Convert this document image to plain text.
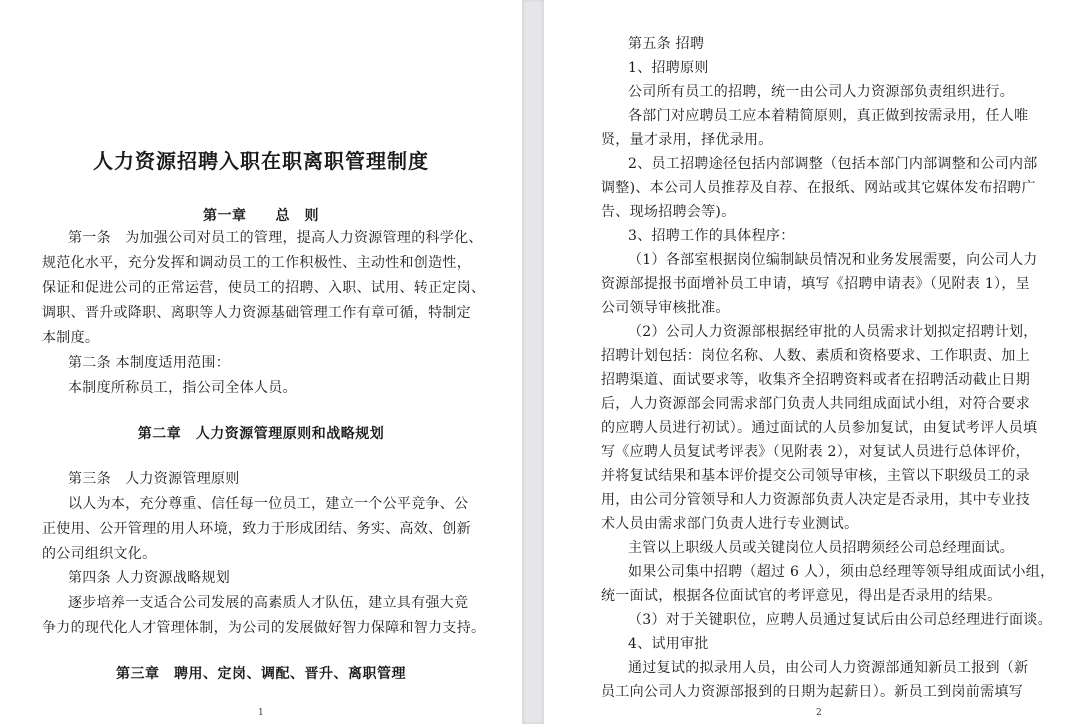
人力资源招聘入职在职离职管理制度
第一章　　总　则
第一条　为加强公司对员工的管理，提高人力资源管理的科学化、
规范化水平，充分发挥和调动员工的工作积极性、主动性和创造性，
保证和促进公司的正常运营，使员工的招聘、入职、试用、转正定岗、
调职、晋升或降职、离职等人力资源基础管理工作有章可循，特制定
本制度。
第二条 本制度适用范围：
本制度所称员工，指公司全体人员。
第二章　人力资源管理原则和战略规划
第三条　人力资源管理原则
以人为本，充分尊重、信任每一位员工，建立一个公平竞争、公
正使用、公开管理的用人环境，致力于形成团结、务实、高效、创新
的公司组织文化。
第四条 人力资源战略规划
逐步培养一支适合公司发展的高素质人才队伍，建立具有强大竞
争力的现代化人才管理体制，为公司的发展做好智力保障和智力支持。
第三章　聘用、定岗、调配、晋升、离职管理
1
第五条 招聘
1、招聘原则
公司所有员工的招聘，统一由公司人力资源部负责组织进行。
各部门对应聘员工应本着精简原则，真正做到按需录用，任人唯
贤，量才录用，择优录用。
2、员工招聘途径包括内部调整（包括本部门内部调整和公司内部
调整)、本公司人员推荐及自荐、在报纸、网站或其它媒体发布招聘广
告、现场招聘会等)。
3、招聘工作的具体程序：
（1）各部室根据岗位编制缺员情况和业务发展需要，向公司人力
资源部提报书面增补员工申请，填写《招聘申请表》（见附表 1），呈
公司领导审核批准。
（2）公司人力资源部根据经审批的人员需求计划拟定招聘计划，
招聘计划包括：岗位名称、人数、素质和资格要求、工作职责、加上
招聘渠道、面试要求等，收集齐全招聘资料或者在招聘活动截止日期
后，人力资源部会同需求部门负责人共同组成面试小组，对符合要求
的应聘人员进行初试）。通过面试的人员参加复试，由复试考评人员填
写《应聘人员复试考评表》（见附表 2），对复试人员进行总体评价，
并将复试结果和基本评价提交公司领导审核，主管以下职级员工的录
用，由公司分管领导和人力资源部负责人决定是否录用，其中专业技
术人员由需求部门负责人进行专业测试。
主管以上职级人员或关键岗位人员招聘须经公司总经理面试。
如果公司集中招聘（超过 6 人），须由总经理等领导组成面试小组，
统一面试，根据各位面试官的考评意见，得出是否录用的结果。
（3）对于关键职位，应聘人员通过复试后由公司总经理进行面谈。
4、试用审批
通过复试的拟录用人员，由公司人力资源部通知新员工报到（新
员工向公司人力资源部报到的日期为起薪日）。新员工到岗前需填写
2
